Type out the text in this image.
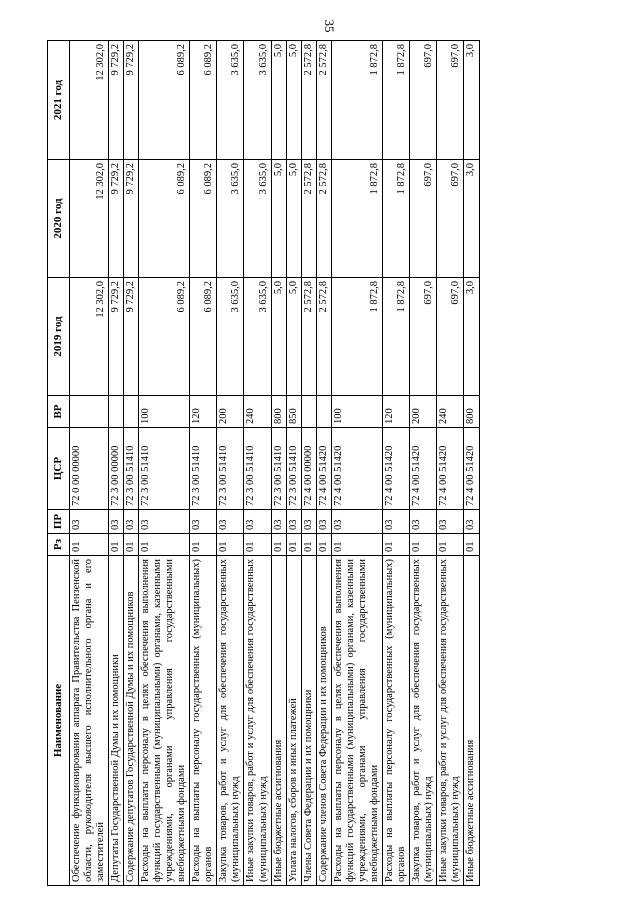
35
Наименование	Рз	ПР	ЦСР	ВР	2019 год	2020 год	2021 год
Обеспечение функционирования аппарата Правительства Пензенской области, руководителя высшего исполнительного органа и его заместителей	01	03	72 0 00 00000		12 302,0	12 302,0	12 302,0
Депутаты Государственной Думы и их помощники	01	03	72 3 00 00000		9 729,2	9 729,2	9 729,2
Содержание депутатов Государственной Думы и их помощников	01	03	72 3 00 51410		9 729,2	9 729,2	9 729,2
Расходы на выплаты персоналу в целях обеспечения выполнения функций государственными (муниципальными) органами, казенными учреждениями, органами управления государственными внебюджетными фондами	01	03	72 3 00 51410	100	6 089,2	6 089,2	6 089,2
Расходы на выплаты персоналу государственных (муниципальных) органов	01	03	72 3 00 51410	120	6 089,2	6 089,2	6 089,2
Закупка товаров, работ и услуг для обеспечения государственных (муниципальных) нужд	01	03	72 3 00 51410	200	3 635,0	3 635,0	3 635,0
Иные закупки товаров, работ и услуг для обеспечения государственных (муниципальных) нужд	01	03	72 3 00 51410	240	3 635,0	3 635,0	3 635,0
Иные бюджетные ассигнования	01	03	72 3 00 51410	800	5,0	5,0	5,0
Уплата налогов, сборов и иных платежей	01	03	72 3 00 51410	850	5,0	5,0	5,0
Члены Совета Федерации и их помощники	01	03	72 4 00 00000		2 572,8	2 572,8	2 572,8
Содержание членов Совета Федерации и их помощников	01	03	72 4 00 51420		2 572,8	2 572,8	2 572,8
Расходы на выплаты персоналу в целях обеспечения выполнения функций государственными (муниципальными) органами, казенными учреждениями, органами управления государственными внебюджетными фондами	01	03	72 4 00 51420	100	1 872,8	1 872,8	1 872,8
Расходы на выплаты персоналу государственных (муниципальных) органов	01	03	72 4 00 51420	120	1 872,8	1 872,8	1 872,8
Закупка товаров, работ и услуг для обеспечения государственных (муниципальных) нужд	01	03	72 4 00 51420	200	697,0	697,0	697,0
Иные закупки товаров, работ и услуг для обеспечения государственных (муниципальных) нужд	01	03	72 4 00 51420	240	697,0	697,0	697,0
Иные бюджетные ассигнования	01	03	72 4 00 51420	800	3,0	3,0	3,0
